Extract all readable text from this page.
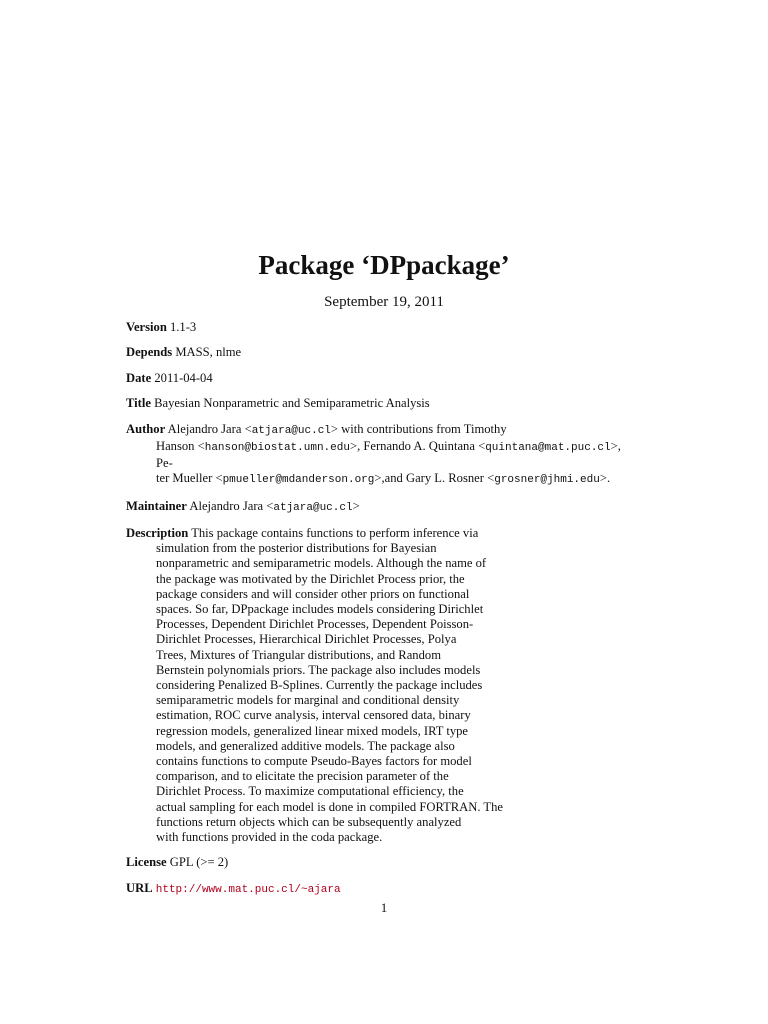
Package ‘DPpackage’
September 19, 2011
Version 1.1-3
Depends MASS, nlme
Date 2011-04-04
Title Bayesian Nonparametric and Semiparametric Analysis
Author Alejandro Jara <atjara@uc.cl> with contributions from Timothy
Hanson <hanson@biostat.umn.edu>, Fernando A. Quintana <quintana@mat.puc.cl>, Pe-
ter Mueller <pmueller@mdanderson.org>,and Gary L. Rosner <grosner@jhmi.edu>.
Maintainer Alejandro Jara <atjara@uc.cl>
Description This package contains functions to perform inference via
simulation from the posterior distributions for Bayesian
nonparametric and semiparametric models. Although the name of
the package was motivated by the Dirichlet Process prior, the
package considers and will consider other priors on functional
spaces. So far, DPpackage includes models considering Dirichlet
Processes, Dependent Dirichlet Processes, Dependent Poisson-
Dirichlet Processes, Hierarchical Dirichlet Processes, Polya
Trees, Mixtures of Triangular distributions, and Random
Bernstein polynomials priors. The package also includes models
considering Penalized B-Splines. Currently the package includes
semiparametric models for marginal and conditional density
estimation, ROC curve analysis, interval censored data, binary
regression models, generalized linear mixed models, IRT type
models, and generalized additive models. The package also
contains functions to compute Pseudo-Bayes factors for model
comparison, and to elicitate the precision parameter of the
Dirichlet Process. To maximize computational efficiency, the
actual sampling for each model is done in compiled FORTRAN. The
functions return objects which can be subsequently analyzed
with functions provided in the coda package.
License GPL (>= 2)
URL http://www.mat.puc.cl/~ajara
1
